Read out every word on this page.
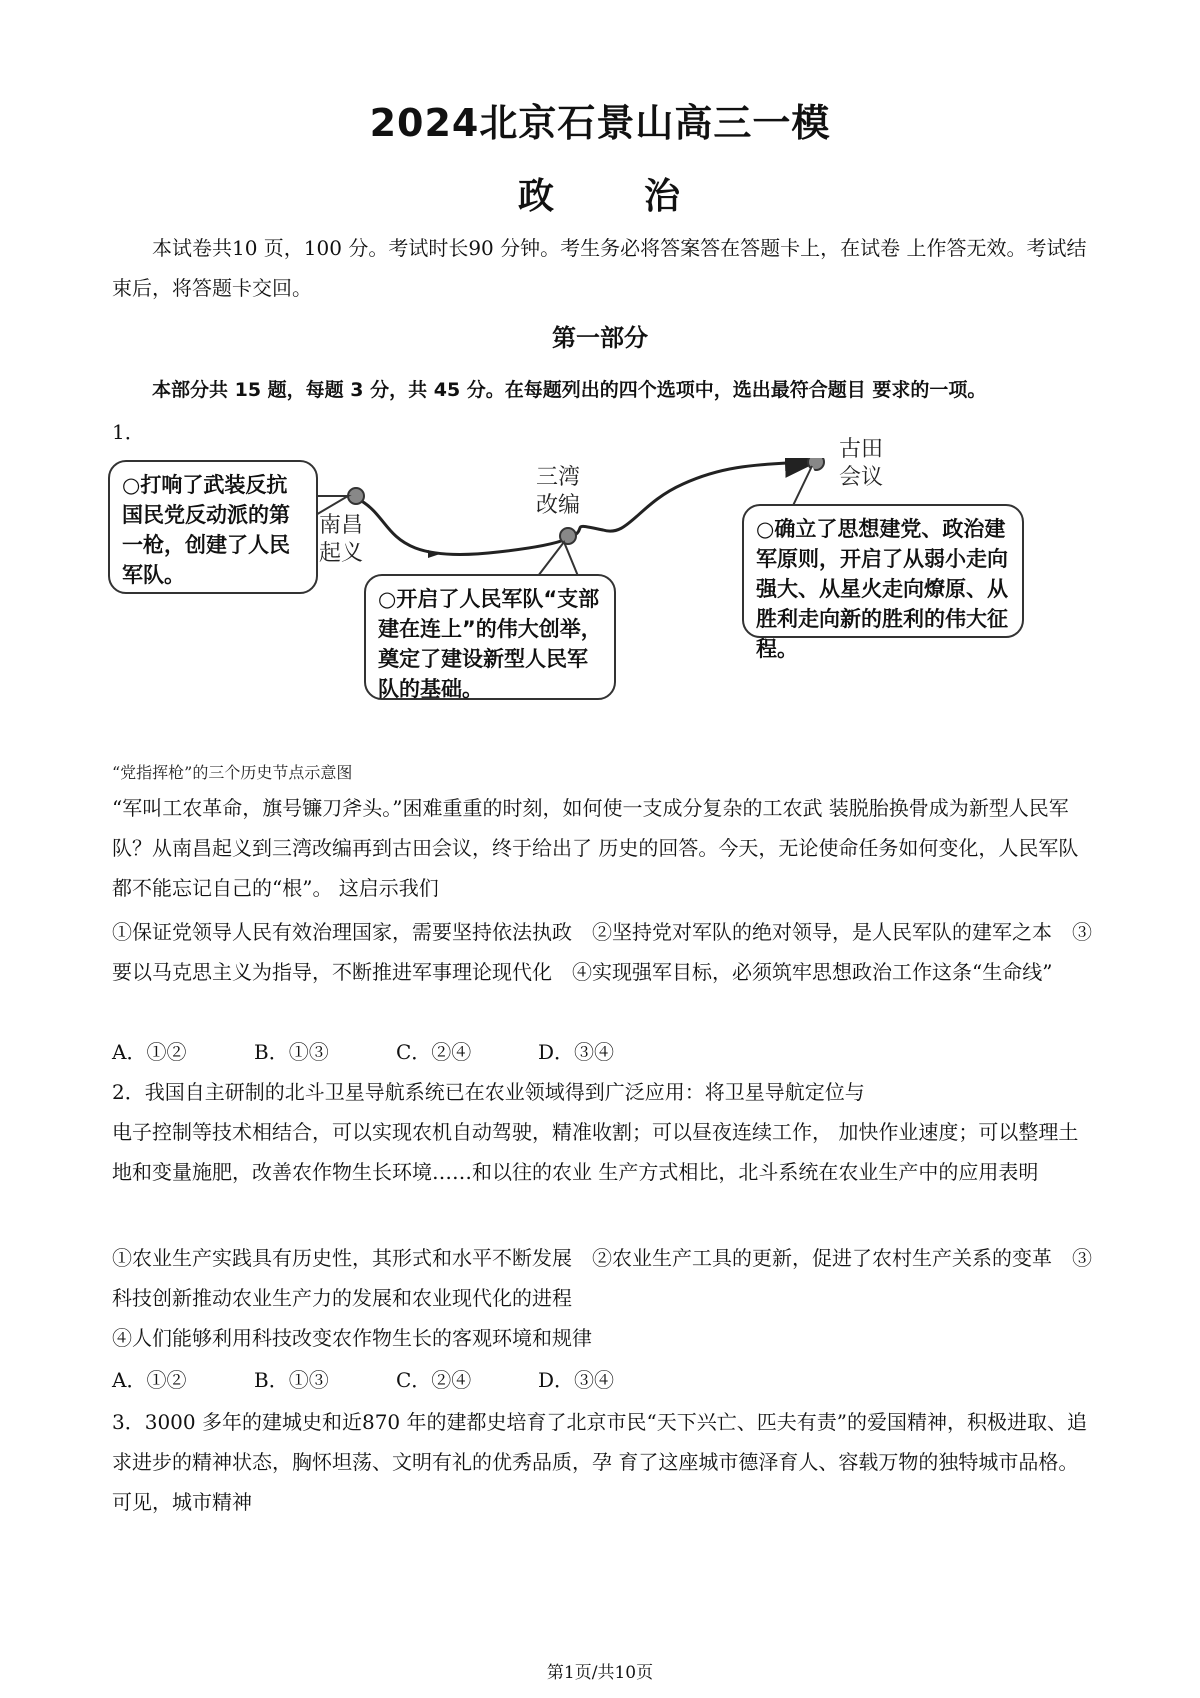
2024北京石景山高三一模
政 治
本试卷共10 页，100 分。考试时长90 分钟。考生务必将答案答在答题卡上，在试卷 上作答无效。考试结束后，将答题卡交回。
第一部分
本部分共 15 题，每题 3 分，共 45 分。在每题列出的四个选项中，选出最符合题目 要求的一项。
1．
○打响了武装反抗国民党反动派的第一枪，创建了人民军队。
○开启了人民军队“支部建在连上”的伟大创举，奠定了建设新型人民军队的基础。
○确立了思想建党、政治建军原则，开启了从弱小走向强大、从星火走向燎原、从胜利走向新的胜利的伟大征程。
南昌
起义
三湾
改编
古田
会议
“党指挥枪”的三个历史节点示意图
“军叫工农革命，旗号镰刀斧头。”困难重重的时刻，如何使一支成分复杂的工农武 装脱胎换骨成为新型人民军队？从南昌起义到三湾改编再到古田会议，终于给出了 历史的回答。今天，无论使命任务如何变化，人民军队都不能忘记自己的“根”。 这启示我们
①保证党领导人民有效治理国家，需要坚持依法执政　②坚持党对军队的绝对领导，是人民军队的建军之本　③要以马克思主义为指导，不断推进军事理论现代化　④实现强军目标，必须筑牢思想政治工作这条“生命线”
A．①②	B．①③	C．②④	D．③④
2．我国自主研制的北斗卫星导航系统已在农业领域得到广泛应用：将卫星导航定位与
电子控制等技术相结合，可以实现农机自动驾驶，精准收割；可以昼夜连续工作， 加快作业速度；可以整理土地和变量施肥，改善农作物生长环境……和以往的农业 生产方式相比，北斗系统在农业生产中的应用表明
①农业生产实践具有历史性，其形式和水平不断发展　②农业生产工具的更新，促进了农村生产关系的变革　③科技创新推动农业生产力的发展和农业现代化的进程
④人们能够利用科技改变农作物生长的客观环境和规律
A．①②	B．①③	C．②④	D．③④
3．3000 多年的建城史和近870 年的建都史培育了北京市民“天下兴亡、匹夫有责”的爱国精神，积极进取、追求进步的精神状态，胸怀坦荡、文明有礼的优秀品质，孕 育了这座城市德泽育人、容载万物的独特城市品格。可见，城市精神
第1页/共10页
